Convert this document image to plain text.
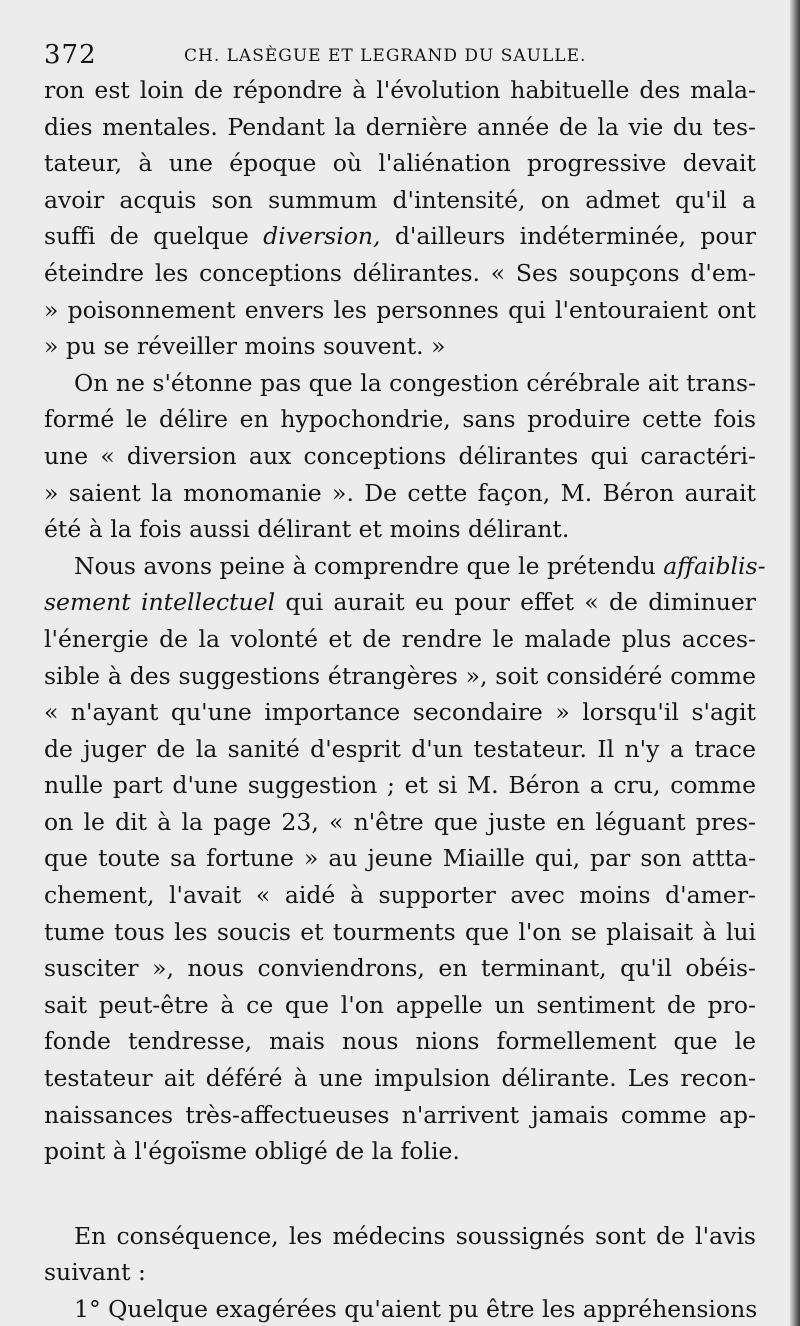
372	CH. LASÈGUE ET LEGRAND DU SAULLE.
ron est loin de répondre à l'évolution habituelle des mala-
dies mentales. Pendant la dernière année de la vie du tes-
tateur, à une époque où l'aliénation progressive devait
avoir acquis son summum d'intensité, on admet qu'il a
suffi de quelque diversion, d'ailleurs indéterminée, pour
éteindre les conceptions délirantes. « Ses soupçons d'em-
» poisonnement envers les personnes qui l'entouraient ont
» pu se réveiller moins souvent. »
On ne s'étonne pas que la congestion cérébrale ait trans-
formé le délire en hypochondrie, sans produire cette fois
une « diversion aux conceptions délirantes qui caractéri-
» saient la monomanie ». De cette façon, M. Béron aurait
été à la fois aussi délirant et moins délirant.
Nous avons peine à comprendre que le prétendu affaiblis-
sement intellectuel qui aurait eu pour effet « de diminuer
l'énergie de la volonté et de rendre le malade plus acces-
sible à des suggestions étrangères », soit considéré comme
« n'ayant qu'une importance secondaire » lorsqu'il s'agit
de juger de la sanité d'esprit d'un testateur. Il n'y a trace
nulle part d'une suggestion ; et si M. Béron a cru, comme
on le dit à la page 23, « n'être que juste en léguant pres-
que toute sa fortune » au jeune Miaille qui, par son attta-
chement, l'avait « aidé à supporter avec moins d'amer-
tume tous les soucis et tourments que l'on se plaisait à lui
susciter », nous conviendrons, en terminant, qu'il obéis-
sait peut-être à ce que l'on appelle un sentiment de pro-
fonde tendresse, mais nous nions formellement que le
testateur ait déféré à une impulsion délirante. Les recon-
naissances très-affectueuses n'arrivent jamais comme ap-
point à l'égoïsme obligé de la folie.
En conséquence, les médecins soussignés sont de l'avis
suivant :
1° Quelque exagérées qu'aient pu être les appréhensions
